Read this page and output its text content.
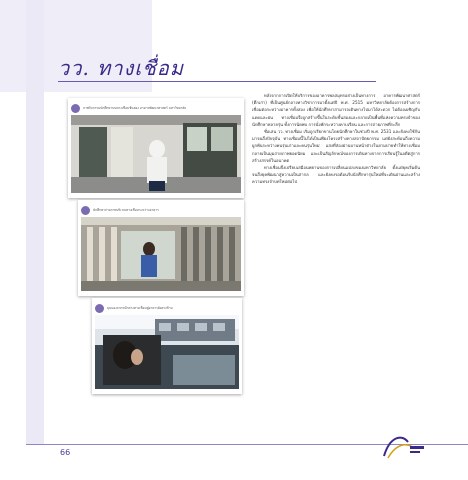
วว. ทางเชื่อม
ภาพกิจกรรมนักศึกษาบนทางเชื่อมชั้นสอง อาคารพัฒนาศาสตร์ มหาวิทยาลัย
นักศึกษาถ่ายภาพบริเวณทางเชื่อมระหว่างอาคาร
มุมมองจากหน้าต่างทางเชื่อมสู่อาคารฝั่งตรงข้าม

หลังจากการเปิดให้บริการของอาคารพลสมุทรอย่างเป็นทางการ อาคารพัฒนาศาสตร์ (ตึกเก่า) ที่เป็นศูนย์กลางทางวิชาการมาตั้งแต่ปี พ.ศ. 2515 มหาวิทยาลัยต้องการสร้างการเชื่อมต่อระหว่างอาคารทั้งสอง เพื่อให้นักศึกษาสามารถเดินทางไปมาได้สะดวก ไม่ต้องเผชิญกับแดดและฝน ทางเชื่อมจึงถูกสร้างขึ้นในระดับชั้นสองและกลายเป็นพื้นที่แห่งความทรงจำของนักศึกษาหลายรุ่น ทั้งการนัดพบ การนั่งพักระหว่างคาบเรียน และการถ่ายภาพที่ระลึก

ชื่อเล่น วว. ทางเชื่อม เริ่มถูกเรียกขานโดยนักศึกษาในช่วงปี พ.ศ. 2531 และยังคงใช้กันมาจนถึงปัจจุบัน ทางเชื่อมนี้ไม่ได้เป็นเพียงโครงสร้างทางสถาปัตยกรรม แต่ยังสะท้อนถึงความผูกพันระหว่างคนรุ่นเก่าและคนรุ่นใหม่ แสงที่ส่องผ่านบานหน้าต่างในยามบ่ายทำให้ทางเชื่อมกลายเป็นมุมถ่ายภาพยอดนิยม และเป็นสัญลักษณ์ของการเดินทางจากการเรียนรู้ในอดีตสู่การสร้างสรรค์ในอนาคต

ทางเชื่อมจึงเปรียบเสมือนพยานของการเปลี่ยนแปลงของมหาวิทยาลัย ตั้งแต่ยุคเริ่มต้นจนถึงยุคพัฒนาสู่ความเป็นสากล และยังคงรอต้อนรับนักศึกษารุ่นใหม่ที่จะเดินผ่านและสร้างความทรงจำบทใหม่ต่อไป

66
